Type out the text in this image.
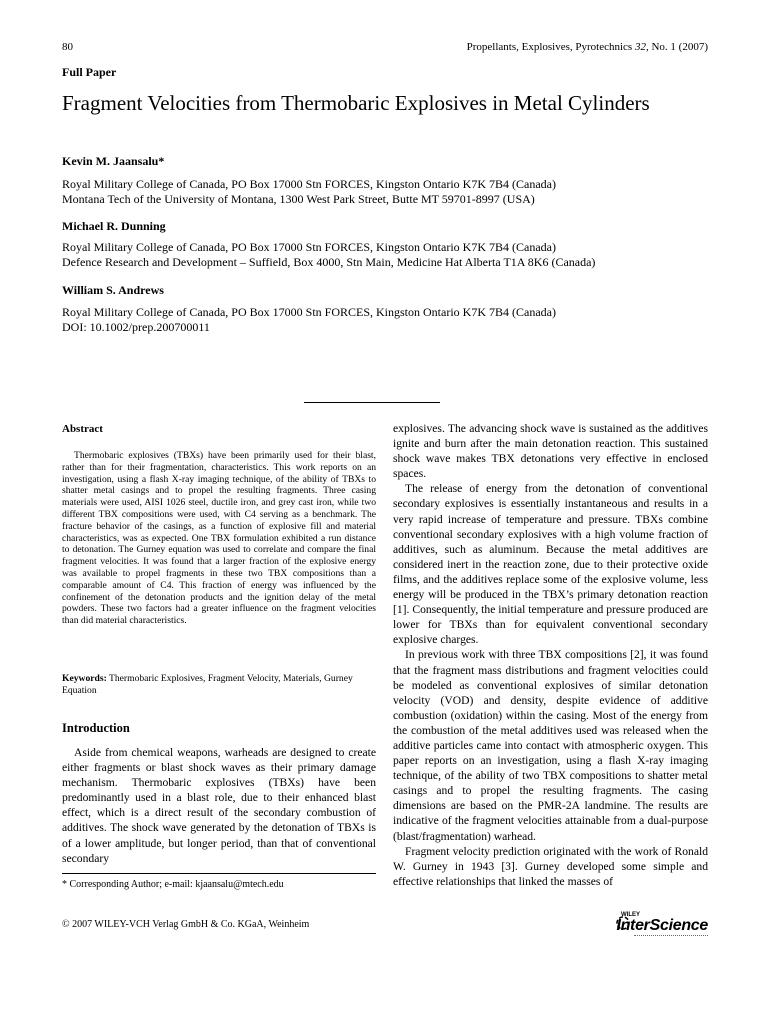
80	Propellants, Explosives, Pyrotechnics 32, No. 1 (2007)
Full Paper
Fragment Velocities from Thermobaric Explosives in Metal Cylinders
Kevin M. Jaansalu*
Royal Military College of Canada, PO Box 17000 Stn FORCES, Kingston Ontario K7K 7B4 (Canada)
Montana Tech of the University of Montana, 1300 West Park Street, Butte MT 59701-8997 (USA)
Michael R. Dunning
Royal Military College of Canada, PO Box 17000 Stn FORCES, Kingston Ontario K7K 7B4 (Canada)
Defence Research and Development – Suffield, Box 4000, Stn Main, Medicine Hat Alberta T1A 8K6 (Canada)
William S. Andrews
Royal Military College of Canada, PO Box 17000 Stn FORCES, Kingston Ontario K7K 7B4 (Canada)
DOI: 10.1002/prep.200700011
Abstract

Thermobaric explosives (TBXs) have been primarily used for their blast, rather than for their fragmentation, characteristics. This work reports on an investigation, using a flash X-ray imaging technique, of the ability of TBXs to shatter metal casings and to propel the resulting fragments. Three casing materials were used, AISI 1026 steel, ductile iron, and grey cast iron, while two different TBX compositions were used, with C4 serving as a benchmark. The fracture behavior of the casings, as a function of explosive fill and material characteristics, was as expected. One TBX formulation exhibited a run distance to detonation. The Gurney equation was used to correlate and compare the final fragment velocities. It was found that a larger fraction of the explosive energy was available to propel fragments in these two TBX compositions than a comparable amount of C4. This fraction of energy was influenced by the confinement of the detonation products and the ignition delay of the metal powders. These two factors had a greater influence on the fragment velocities than did material characteristics.

Keywords: Thermobaric Explosives, Fragment Velocity, Materials, Gurney Equation
Introduction

Aside from chemical weapons, warheads are designed to create either fragments or blast shock waves as their primary damage mechanism. Thermobaric explosives (TBXs) have been predominantly used in a blast role, due to their enhanced blast effect, which is a direct result of the secondary combustion of additives. The shock wave generated by the detonation of TBXs is of a lower amplitude, but longer period, than that of conventional secondary

explosives. The advancing shock wave is sustained as the additives ignite and burn after the main detonation reaction. This sustained shock wave makes TBX detonations very effective in enclosed spaces.

The release of energy from the detonation of conventional secondary explosives is essentially instantaneous and results in a very rapid increase of temperature and pressure. TBXs combine conventional secondary explosives with a high volume fraction of additives, such as aluminum. Because the metal additives are considered inert in the reaction zone, due to their protective oxide films, and the additives replace some of the explosive volume, less energy will be produced in the TBX’s primary detonation reaction [1]. Consequently, the initial temperature and pressure produced are lower for TBXs than for equivalent conventional secondary explosive charges.

In previous work with three TBX compositions [2], it was found that the fragment mass distributions and fragment velocities could be modeled as conventional explosives of similar detonation velocity (VOD) and density, despite evidence of additive combustion (oxidation) within the casing. Most of the energy from the combustion of the metal additives used was released when the additive particles came into contact with atmospheric oxygen. This paper reports on an investigation, using a flash X-ray imaging technique, of the ability of two TBX compositions to shatter metal casings and to propel the resulting fragments. The casing dimensions are based on the PMR-2A landmine. The results are indicative of the fragment velocities attainable from a dual-purpose (blast/fragmentation) warhead.

Fragment velocity prediction originated with the work of Ronald W. Gurney in 1943 [3]. Gurney developed some simple and effective relationships that linked the masses of

* Corresponding Author; e-mail: kjaansalu@mtech.edu
© 2007 WILEY-VCH Verlag GmbH & Co. KGaA, Weinheim
WILEY
InterScience
